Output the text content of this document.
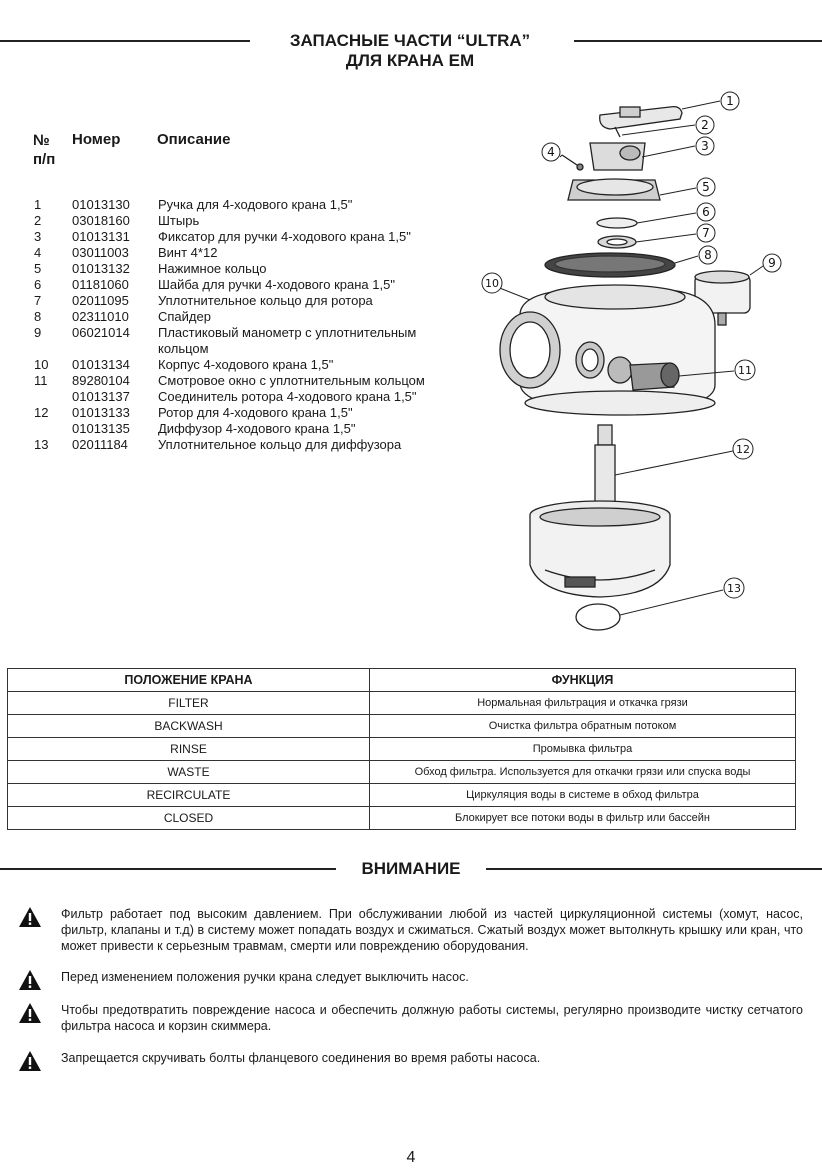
ЗАПАСНЫЕ ЧАСТИ “ULTRA”
ДЛЯ КРАНА EM
№
п/п
Номер Описание
1	01013130	Ручка для 4-ходового крана 1,5"
2	03018160	Штырь
3	01013131	Фиксатор для ручки 4-ходового крана 1,5"
4	03011003	Винт 4*12
5	01013132	Нажимное кольцо
6	01181060	Шайба для ручки 4-ходового крана 1,5"
7	02011095	Уплотнительное кольцо для ротора
8	02311010	Спайдер
9	06021014	Пластиковый манометр с уплотнительным
кольцом
10	01013134	Корпус 4-ходового крана 1,5"
11	89280104	Смотровое окно с уплотнительным кольцом
01013137	Соединитель ротора 4-ходового крана 1,5"
12	01013133	Ротор для 4-ходового крана 1,5"
01013135	Диффузор 4-ходового крана 1,5"
13	02011184	Уплотнительное кольцо для диффузора
1
2
3
4
5
6
7
8
9
10
11
12
13
ПОЛОЖЕНИЕ КРАНА	ФУНКЦИЯ
FILTER	Нормальная фильтрация и откачка грязи
BACKWASH	Очистка фильтра обратным потоком
RINSE	Промывка фильтра
WASTE	Обход фильтра. Используется для откачки грязи или спуска воды
RECIRCULATE	Циркуляция воды в системе в обход фильтра
CLOSED	Блокирует все потоки воды в фильтр или бассейн
ВНИМАНИЕ
Фильтр работает под высоким давлением. При обслуживании любой из частей циркуляционной системы (хомут, насос, фильтр, клапаны и т.д) в систему может попадать воздух и сжиматься. Сжатый воздух может вытолкнуть крышку или кран, что может привести к серьезным травмам, смерти или повреждению оборудования.
Перед изменением положения ручки крана следует выключить насос.
Чтобы предотвратить повреждение насоса и обеспечить должную работы системы, регулярно производите чистку сетчатого фильтра насоса и корзин скиммера.
Запрещается скручивать болты фланцевого соединения во время работы насоса.
4
